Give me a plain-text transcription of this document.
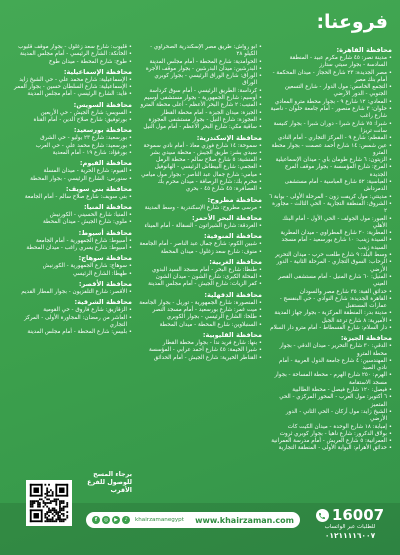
فروعنا:
محافظة القاهرة:
• مدينة نصر: ٤٥ شارع مكرم عبيد - المنطقة السادسة - بجوار سيتي ستارز
• مصر الجديدة: ٢٣ شارع الحجاز - ميدان المحكمة - أمام بنك مصر
• التجمع الخامس: مول الدوار - شارع التسعين الجنوبي - الدور الأرضي
• المعادي: ١٢ شارع ٩ - بجوار محطة مترو المعادي
• حلوان: ٣ شارع منصور - أمام جامعة حلوان - ناصية شارع راغب
• شبرا: ٧٥ شارع شبرا - دوران شبرا - بجوار كنيسة سانت تريزا
• المقطم: شارع ٩ - المركز التجاري - أمام النادي
• عين شمس: ١٤ شارع أحمد عصمت - بجوار محطة المترو
• الزيتون: ٦ شارع طومان باي - ميدان الإسماعيلية
• المرج: شارع المؤسسة - بجوار موقف المرج الجديدة
• العباسية: ٥٢ شارع العباسية - أمام مستشفى الدمرداش
• مدينتي: مول كريفت زون - المرحلة الأولى - بوابة ٦
• الشروق: المنطقة التجارية - الحي الثالث - مجاورة ٢
• العبور: مول الجولف - الحي الأول - أمام البنك الأهلي
• المطرية: ٢٠ شارع المطراوي - ميدان المطرية
• السيدة زينب: ١٠ شارع بورسعيد - أمام مسجد السيدة زينب
• وسط البلد: ٩ شارع طلعت حرب - ميدان التحرير
• الرحاب: السوق التجاري - المرحلة الثانية - الدور الأرضي
• المنيل: ٦٠ شارع المنيل - أمام مستشفى القصر العيني
• حدائق القبة: ٣٥ شارع مصر والسودان
• القاهرة الجديدة: شارع النوادي - حي البنفسج - عمارات المستقبل
• مدينة بدر: المنطقة المركزية - بجوار جهاز المدينة
• الأميرية: ٨ شارع ترعة الجبل
• دار السلام: شارع الفسطاط - أمام مترو دار السلام
محافظة الجيزة:
• الدقي: ٣٠ شارع التحرير - ميدان الدقي - بجوار محطة المترو
• المهندسين: ٤ شارع جامعة الدول العربية - أمام نادي الصيد
• الهرم: ٢٥٠ شارع الهرم - محطة المساحة - بجوار مسجد الاستقامة
• فيصل: ١٢٠ شارع فيصل - محطة الطالبية
• ٦ أكتوبر: مول العرب - المحور المركزي - الحي المتميز
• الشيخ زايد: مول أركان - الحي الثاني - الدور الأرضي
• إمبابة: ١٨ شارع الوحدة - ميدان الكيت كات
• بولاق الدكرور: شارع ناهيا - بجوار كوبري ثروت
• العمرانية: ٥ شارع العريش - أمام مدرسة العمرانية
• حدائق الأهرام: البوابة الأولى - المنطقة التجارية
• أبو رواش: طريق مصر الإسكندرية الصحراوي - الكيلو ٢٨
• الحوامدية: شارع المحطة - أمام مجلس المدينة
• البدرشين: ميدان البدرشين - بجوار موقف الأجرة
• الوراق: شارع الوراق الرئيسي - بجوار كوبري الوراق
• كرداسة: الطريق الرئيسي - أمام سوق كرداسة
• أوسيم: شارع الجمهورية - بجوار مستشفى أوسيم
• المنيب: ٢ شارع البحر الأعظم - أعلى محطة المترو
• الجيزة: ميدان الجيزة - أمام محطة القطار
• العجوزة: شارع النيل - بجوار مستشفى العجوزة
• ساقية مكي: شارع البحر الأعظم - أمام مول النيل
محافظة الإسكندرية:
• سموحة: ١٤ شارع فوزي معاذ - أمام نادي سموحة
• سيدي بشر: طريق الجيش - محطة سيدي بشر
• المنشية: ٥ شارع صلاح سالم - محطة الرمل
• العجمي: شارع البيطاش الرئيسي - الهانوفيل
• ميامي: شارع جمال عبد الناصر - بجوار مول ميامي
• محرم بك: شارع الرصافة - ميدان محرم بك
• العصافرة: ٤٥ شارع ٤٥ - بحري
محافظة مطروح:
• مرسى مطروح: شارع الإسكندرية - وسط المدينة
محافظة البحر الأحمر:
• الغردقة: شارع الشيراتون - السقالة - أمام الميناء
محافظة المنوفية:
• شبين الكوم: شارع جمال عبد الناصر - أمام الجامعة
• منوف: شارع سعد زغلول - ميدان المحطة
محافظة الغربية:
• طنطا: شارع البحر - أمام مسجد السيد البدوي
• المحلة الكبرى: شارع الشون - ميدان الشون
• كفر الزيات: شارع الجيش - أمام مجلس المدينة
محافظة الدقهلية:
• المنصورة: شارع الجمهورية - توريل - بجوار الجامعة
• ميت غمر: شارع بورسعيد - أمام مسجد النصر
• طلخا: الشارع الرئيسي - بجوار الكوبري
• السنبلاوين: شارع المحطة - ميدان المحطة
محافظة القليوبية:
• بنها: شارع فريد ندا - بجوار محطة القطار
• شبرا الخيمة: ٤٥ شارع أحمد عرابي - المؤسسة
• القناطر الخيرية: شارع الجيش - أمام الحدائق
• قليوب: شارع سعد زغلول - بجوار موقف قليوب
• الخانكة: الشارع الرئيسي - أمام مجلس المدينة
• طوخ: شارع المحطة - ميدان طوخ
محافظة الإسماعيلية:
• الإسماعيلية: شارع محمد علي - حي الشيخ زايد
• الإسماعيلية: شارع السلطان حسين - بجوار الممر
• فايد: الشارع الرئيسي - أمام مجلس المدينة
محافظة السويس:
• السويس: شارع الجيش - حي الأربعين
• بورتوفيق: شارع صلاح الدين - أمام القناة
محافظة بورسعيد:
• بورسعيد: شارع ٢٣ يوليو - حي الشرق
• بورسعيد: شارع محمد علي - حي العرب
• بورفؤاد: شارع ١٩ - أمام المعدية
محافظة الفيوم:
• الفيوم: شارع الحرية - ميدان المسلة
• سنورس: الشارع الرئيسي - بجوار المحطة
محافظة بني سويف:
• بني سويف: شارع صلاح سالم - أمام الجامعة
محافظة المنيا:
• المنيا: شارع الحسيني - الكورنيش
• ملوي: شارع الجيش - ميدان المحطة
محافظة أسيوط:
• أسيوط: شارع الجمهورية - أمام الجامعة
• أسيوط: شارع يسري راغب - ميدان المحطة
محافظة سوهاج:
• سوهاج: شارع الجمهورية - الكورنيش
• طهطا: الشارع الرئيسي
محافظة الأقصر:
• الأقصر: شارع التلفزيون - بجوار المطار القديم
محافظة الشرقية:
• الزقازيق: شارع فاروق - حي القومية
• العاشر من رمضان: المجاورة الأولى - المركز التجاري
• بلبيس: شارع المحطة - أمام مجلس المدينة
برجاء المسح للوصول للفرع الأقرب
f	◎	▶	♪	khairzamanegypt www.khairzaman.com	16007
للطلبات عبر الواتساب
٠١٢١١١١٦٠٠٧
